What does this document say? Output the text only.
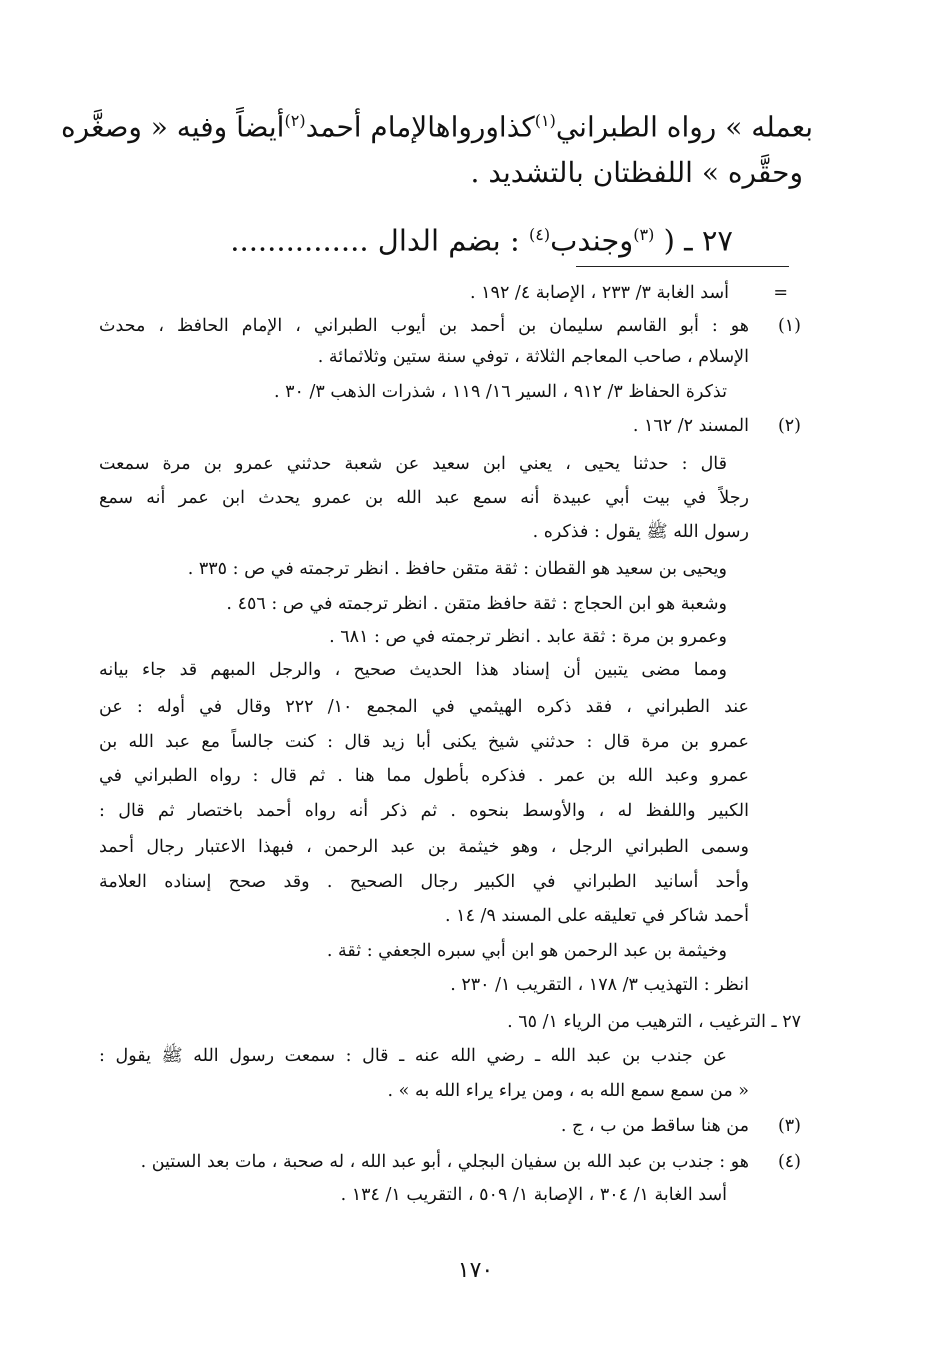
بعمله » رواه الطبراني$^{(١)}$كذاورواهالإمام أحمد$^{(٢)}$أيضاً وفيه « وصغَّره
وحقَّره » اللفظتان بالتشديد .
٢٧ ـ ( $^{(٣)}$وجندب$^{(٤)}$ : بضم الدال ...............
=
أسد الغابة ٣/ ٢٣٣ ، الإصابة ٤/ ١٩٢ .
(١)
هو : أبو القاسم سليمان بن أحمد بن أيوب الطبراني ، الإمام الحافظ ، محدث
الإسلام ، صاحب المعاجم الثلاثة ، توفي سنة ستين وثلاثمائة .
تذكرة الحفاظ ٣/ ٩١٢ ، السير ١٦/ ١١٩ ، شذرات الذهب ٣/ ٣٠ .
(٢)
المسند ٢/ ١٦٢ .
قال : حدثنا يحيى ، يعني ابن سعيد عن شعبة حدثني عمرو بن مرة سمعت
رجلاً في بيت أبي عبيدة أنه سمع عبد الله بن عمرو يحدث ابن عمر أنه سمع
رسول الله ﷺ يقول : فذكره .
ويحيى بن سعيد هو القطان : ثقة متقن حافظ . انظر ترجمته في ص : ٣٣٥ .
وشعبة هو ابن الحجاج : ثقة حافظ متقن . انظر ترجمته في ص : ٤٥٦ .
وعمرو بن مرة : ثقة عابد . انظر ترجمته في ص : ٦٨١ .
ومما مضى يتبين أن إسناد هذا الحديث صحيح ، والرجل المبهم قد جاء بيانه
عند الطبراني ، فقد ذكره الهيثمي في المجمع ١٠/ ٢٢٢ وقال في أوله : عن
عمرو بن مرة قال : حدثني شيخ يكنى أبا زيد قال : كنت جالساً مع عبد الله بن
عمرو وعبد الله بن عمر . فذكره بأطول مما هنا . ثم قال : رواه الطبراني في
الكبير واللفظ له ، والأوسط بنحوه . ثم ذكر أنه رواه أحمد باختصار ثم قال :
وسمى الطبراني الرجل ، وهو خيثمة بن عبد الرحمن ، فبهذا الاعتبار رجال أحمد
وأحد أسانيد الطبراني في الكبير رجال الصحيح . وقد صحح إسناده العلامة
أحمد شاكر في تعليقه على المسند ٩/ ١٤ .
وخيثمة بن عبد الرحمن هو ابن أبي سبره الجعفي : ثقة .
انظر : التهذيب ٣/ ١٧٨ ، التقريب ١/ ٢٣٠ .
٢٧ ـ الترغيب ، الترهيب من الرياء ١/ ٦٥ .
عن جندب بن عبد الله ـ رضي الله عنه ـ قال : سمعت رسول الله ﷺ يقول :
« من سمع سمع الله به ، ومن يراء يراء الله به » .
(٣)
من هنا ساقط من ب ، ج .
(٤)
هو : جندب بن عبد الله بن سفيان البجلي ، أبو عبد الله ، له صحبة ، مات بعد الستين .
أسد الغابة ١/ ٣٠٤ ، الإصابة ١/ ٥٠٩ ، التقريب ١/ ١٣٤ .
١٧٠
